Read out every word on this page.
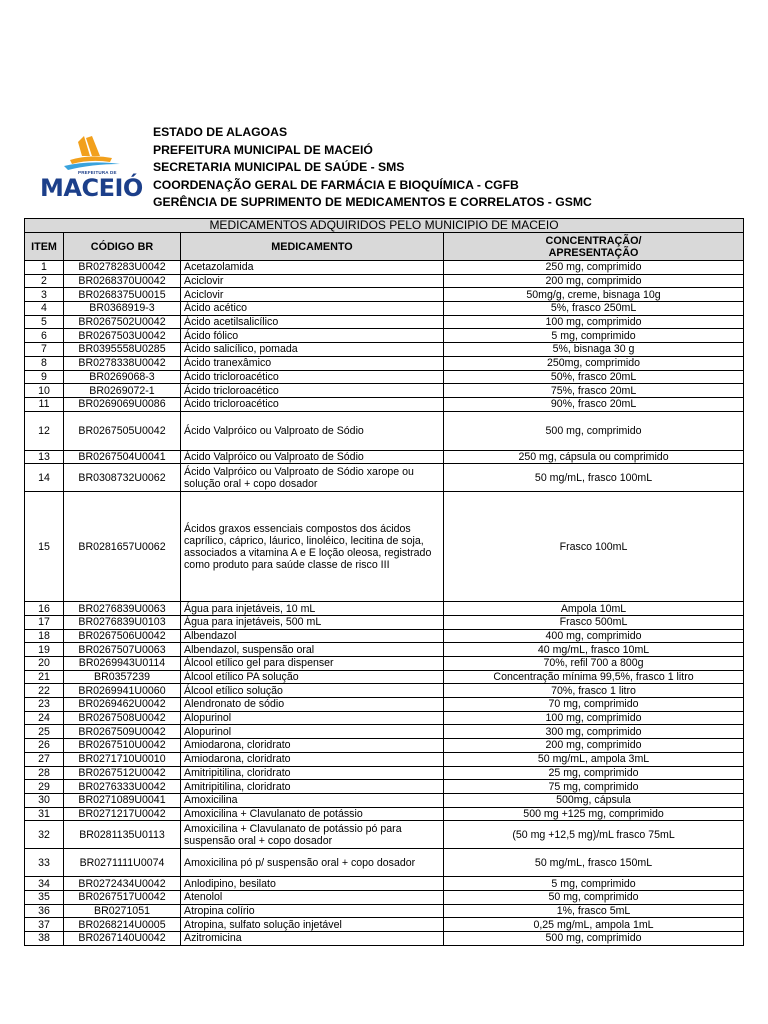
PREFEITURA DE
MACEIÓ
ESTADO DE ALAGOAS
PREFEITURA MUNICIPAL DE MACEIÓ
SECRETARIA MUNICIPAL DE SAÚDE - SMS
COORDENAÇÃO GERAL DE FARMÁCIA E BIOQUÍMICA - CGFB
GERÊNCIA DE SUPRIMENTO DE MEDICAMENTOS E CORRELATOS - GSMC
MEDICAMENTOS ADQUIRIDOS PELO MUNICIPIO DE MACEIO			
ITEM	CÓDIGO BR	MEDICAMENTO	CONCENTRAÇÃO/ APRESENTAÇÃO
1	BR0278283U0042	Acetazolamida	250 mg, comprimido
2	BR0268370U0042	Aciclovir	200 mg, comprimido
3	BR0268375U0015	Aciclovir	50mg/g, creme, bisnaga 10g
4	BR0368919-3	Ácido acético	5%, frasco 250mL
5	BR0267502U0042	Ácido acetilsalicílico	100 mg, comprimido
6	BR0267503U0042	Ácido fólico	5 mg, comprimido
7	BR0395558U0285	Ácido salicílico, pomada	5%, bisnaga 30 g
8	BR0278338U0042	Ácido tranexâmico	250mg, comprimido
9	BR0269068-3	Ácido tricloroacético	50%, frasco 20mL
10	BR0269072-1	Ácido tricloroacético	75%, frasco 20mL
11	BR0269069U0086	Ácido tricloroacético	90%, frasco 20mL
12	BR0267505U0042	Ácido Valpróico ou Valproato de Sódio	500 mg, comprimido
13	BR0267504U0041	Ácido Valpróico ou Valproato de Sódio	250 mg, cápsula ou comprimido
14	BR0308732U0062	Ácido Valpróico ou Valproato de Sódio xarope ou solução oral + copo dosador	50 mg/mL, frasco 100mL
15	BR0281657U0062	Ácidos graxos essenciais compostos dos ácidos caprílico, cáprico, láurico, linoléico, lecitina de soja, associados a vitamina A e E loção oleosa, registrado como produto para saúde classe de risco III	Frasco 100mL
16	BR0276839U0063	Água para injetáveis, 10 mL	Ampola 10mL
17	BR0276839U0103	Água para injetáveis, 500 mL	Frasco 500mL
18	BR0267506U0042	Albendazol	400 mg, comprimido
19	BR0267507U0063	Albendazol, suspensão oral	40 mg/mL, frasco 10mL
20	BR0269943U0114	Álcool etílico gel para dispenser	70%, refil 700 a 800g
21	BR0357239	Álcool etílico PA solução	Concentração mínima 99,5%, frasco 1 litro
22	BR0269941U0060	Álcool etílico solução	70%, frasco 1 litro
23	BR0269462U0042	Alendronato de sódio	70 mg, comprimido
24	BR0267508U0042	Alopurinol	100 mg, comprimido
25	BR0267509U0042	Alopurinol	300 mg, comprimido
26	BR0267510U0042	Amiodarona, cloridrato	200 mg, comprimido
27	BR0271710U0010	Amiodarona, cloridrato	50 mg/mL, ampola 3mL
28	BR0267512U0042	Amitripitilina, cloridrato	25 mg, comprimido
29	BR0276333U0042	Amitripitilina, cloridrato	75 mg, comprimido
30	BR0271089U0041	Amoxicilina	500mg, cápsula
31	BR0271217U0042	Amoxicilina + Clavulanato de potássio	500 mg +125 mg, comprimido
32	BR0281135U0113	Amoxicilina + Clavulanato de potássio pó para suspensão oral + copo dosador	(50 mg +12,5 mg)/mL frasco 75mL
33	BR0271111U0074	Amoxicilina pó p/ suspensão oral + copo dosador	50 mg/mL, frasco 150mL
34	BR0272434U0042	Anlodipino, besilato	5 mg, comprimido
35	BR0267517U0042	Atenolol	50 mg, comprimido
36	BR0271051	Atropina colírio	1%, frasco 5mL
37	BR0268214U0005	Atropina, sulfato solução injetável	0,25 mg/mL, ampola 1mL
38	BR0267140U0042	Azitromicina	500 mg, comprimido
